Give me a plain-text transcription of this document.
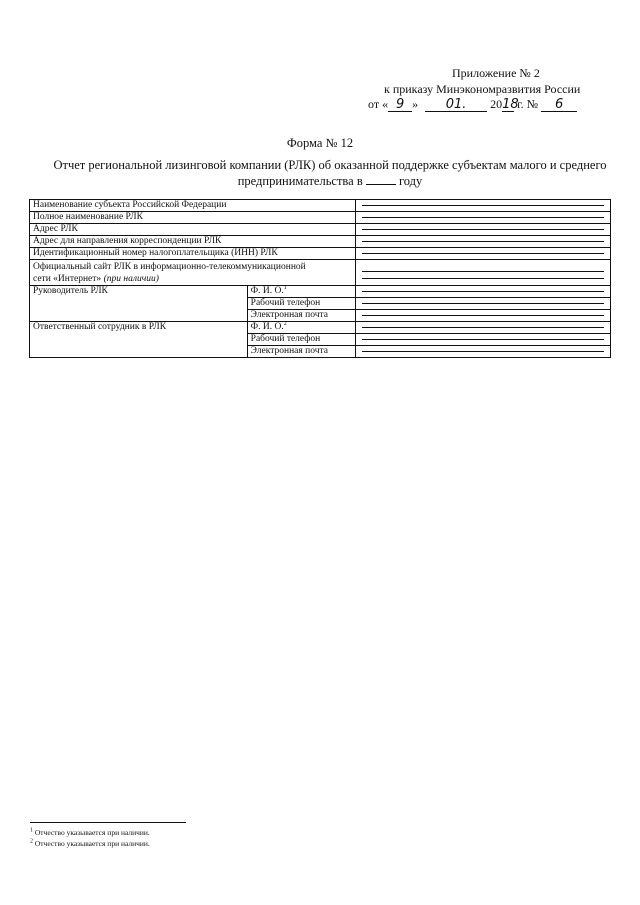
Приложение № 2
к приказу Минэкономразвития России
от « 9 » 01. 2018 г. № 6
Форма № 12
Отчет региональной лизинговой компании (РЛК) об оказанной поддержке субъектам малого и среднего
предпринимательства в	году
Наименование субъекта Российской Федерации		

Полное наименование РЛК		

Адрес РЛК		

Адрес для направления корреспонденции РЛК		

Идентификационный номер налогоплательщика (ИНН) РЛК		

Официальный сайт РЛК в информационно-телекоммуникационной
сети «Интернет» (при наличии)		

Руководитель РЛК	Ф. И. О.$^1$	

	Рабочий телефон	

	Электронная почта	

Ответственный сотрудник в РЛК	Ф. И. О.$^2$	

	Рабочий телефон	

	Электронная почта	
$^1$ Отчество указывается при наличии.
$^2$ Отчество указывается при наличии.
